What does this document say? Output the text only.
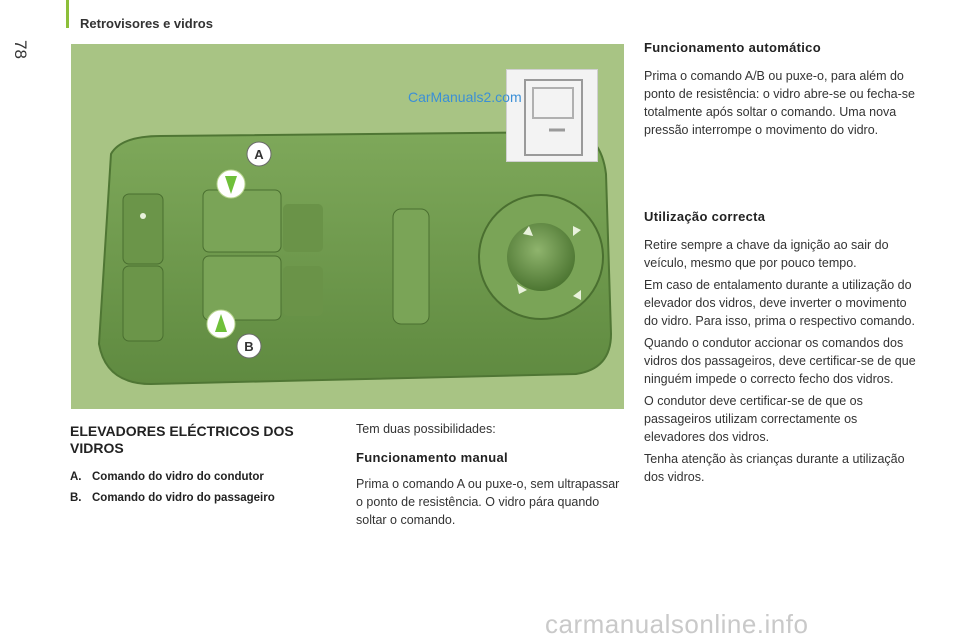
78
Retrovisores e vidros
A
B
CarManuals2.com
ELEVADORES ELÉCTRICOS DOS VIDROS
A. Comando do vidro do condutor
B. Comando do vidro do passageiro
Tem duas possibilidades:
Funcionamento manual
Prima o comando A ou puxe-o, sem ultrapassar o ponto de resistência. O vidro pára quando soltar o comando.
Funcionamento automático
Prima o comando A/B ou puxe-o, para além do ponto de resistência: o vidro abre-se ou fecha-se totalmente após soltar o comando. Uma nova pressão interrompe o movimento do vidro.
Utilização correcta
Retire sempre a chave da ignição ao sair do veículo, mesmo que por pouco tempo.
Em caso de entalamento durante a utilização do elevador dos vidros, deve inverter o movimento do vidro. Para isso, prima o respectivo comando.
Quando o condutor accionar os comandos dos vidros dos passageiros, deve certificar-se de que ninguém impede o correcto fecho dos vidros.
O condutor deve certificar-se de que os passageiros utilizam correctamente os elevadores dos vidros.
Tenha atenção às crianças durante a utilização dos vidros.
carmanualsonline.info
